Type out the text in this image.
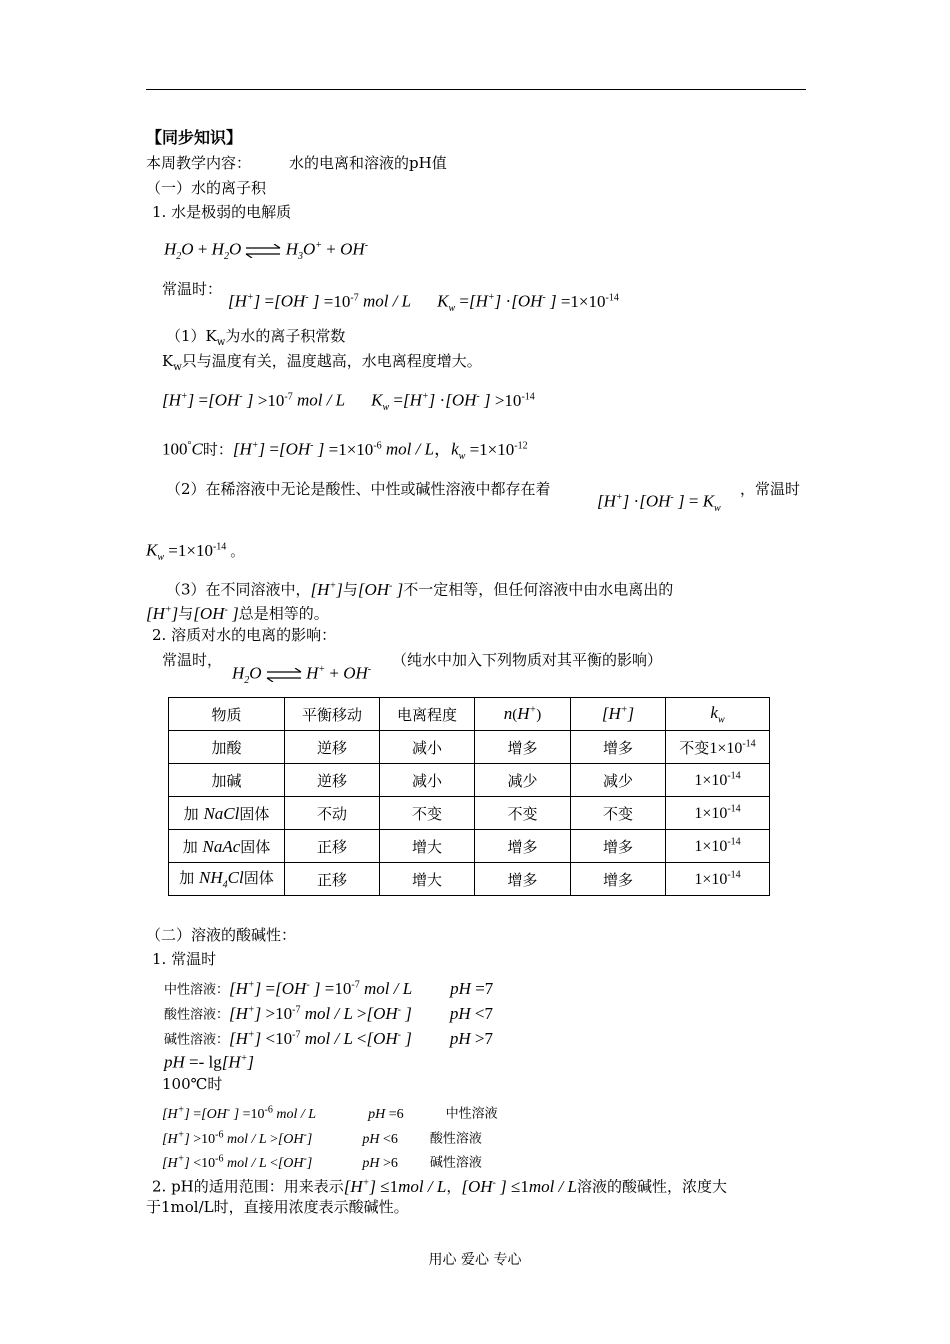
【同步知识】
本周教学内容：	水的电离和溶液的pH值
（一）水的离子积
1. 水是极弱的电解质
$H_2O + H_2O$ ⇌ $H_3O^+ + OH^-$
常温时：
[H+] =[OH- ] $=10^{-7}$ mol / L $K_w =[H^+] \cdot[OH^-$ ] $=1\times 10^{-14}$
$(1)K_w$为水的离子积常数
$K_w$只与温度有关，温度越高，水电离程度增大。
[H+] =[OH- ] $>10^{-7}$ mol / L $K_w =[H^+] \cdot[OH^-$ ] $>10^{-14}$
100°C时：[H+] =[OH- ] $=1\times 10^{-6}$ mol / L，$k_w =1\times 10^{-12}$
（2）在稀溶液中无论是酸性、中性或碱性溶液中都存在着
[H+] ·[OH- ] = $K_w$
，常温时
$K_w =1\times 10^{-14}$ 。
（3）在不同溶液中，[H+]与[OH- ]不一定相等，但任何溶液中由水电离出的
[H+]与[OH- ]总是相等的。
2. 溶质对水的电离的影响：
常温时，
$H_2O$ ⇌ H+ + OH-
（纯水中加入下列物质对其平衡的影响）
物质	平衡移动	电离程度	n(H+)	[H+]	$k_w$
加酸	逆移	减小	增多	增多	不变$1\times 10^{-14}$
加碱	逆移	减小	减少	减少	$1\times 10^{-14}$
加 NaCl固体	不动	不变	不变	不变	$1\times 10^{-14}$
加 NaAc固体	正移	增大	增多	增多	$1\times 10^{-14}$
加 $NH_4Cl$固体	正移	增大	增多	增多	$1\times 10^{-14}$
（二）溶液的酸碱性：
1. 常温时
中性溶液：[H+] =[OH- ] $=10^{-7}$ mol / L pH =7
酸性溶液：$[H^+] >10^{-7}$ mol / L >[OH- ] pH <7
碱性溶液：$[H^+] <10^{-7}$ mol / L <[OH- ] pH >7
pH =- lg[H+]
100℃时
[H+] =[OH- ] $=10^{-6}$ mol / L	pH =6	中性溶液
$[H^+] >10^{-6}$ mol / L >[OH-]	pH <6 酸性溶液
$[H^+] <10^{-6}$ mol / L <[OH-]	pH >6 碱性溶液
2. pH的适用范围：用来表示[H+] ≤1mol / L，[OH- ] ≤1mol / L溶液的酸碱性，浓度大
于1mol/L时，直接用浓度表示酸碱性。
用心 爱心 专心
